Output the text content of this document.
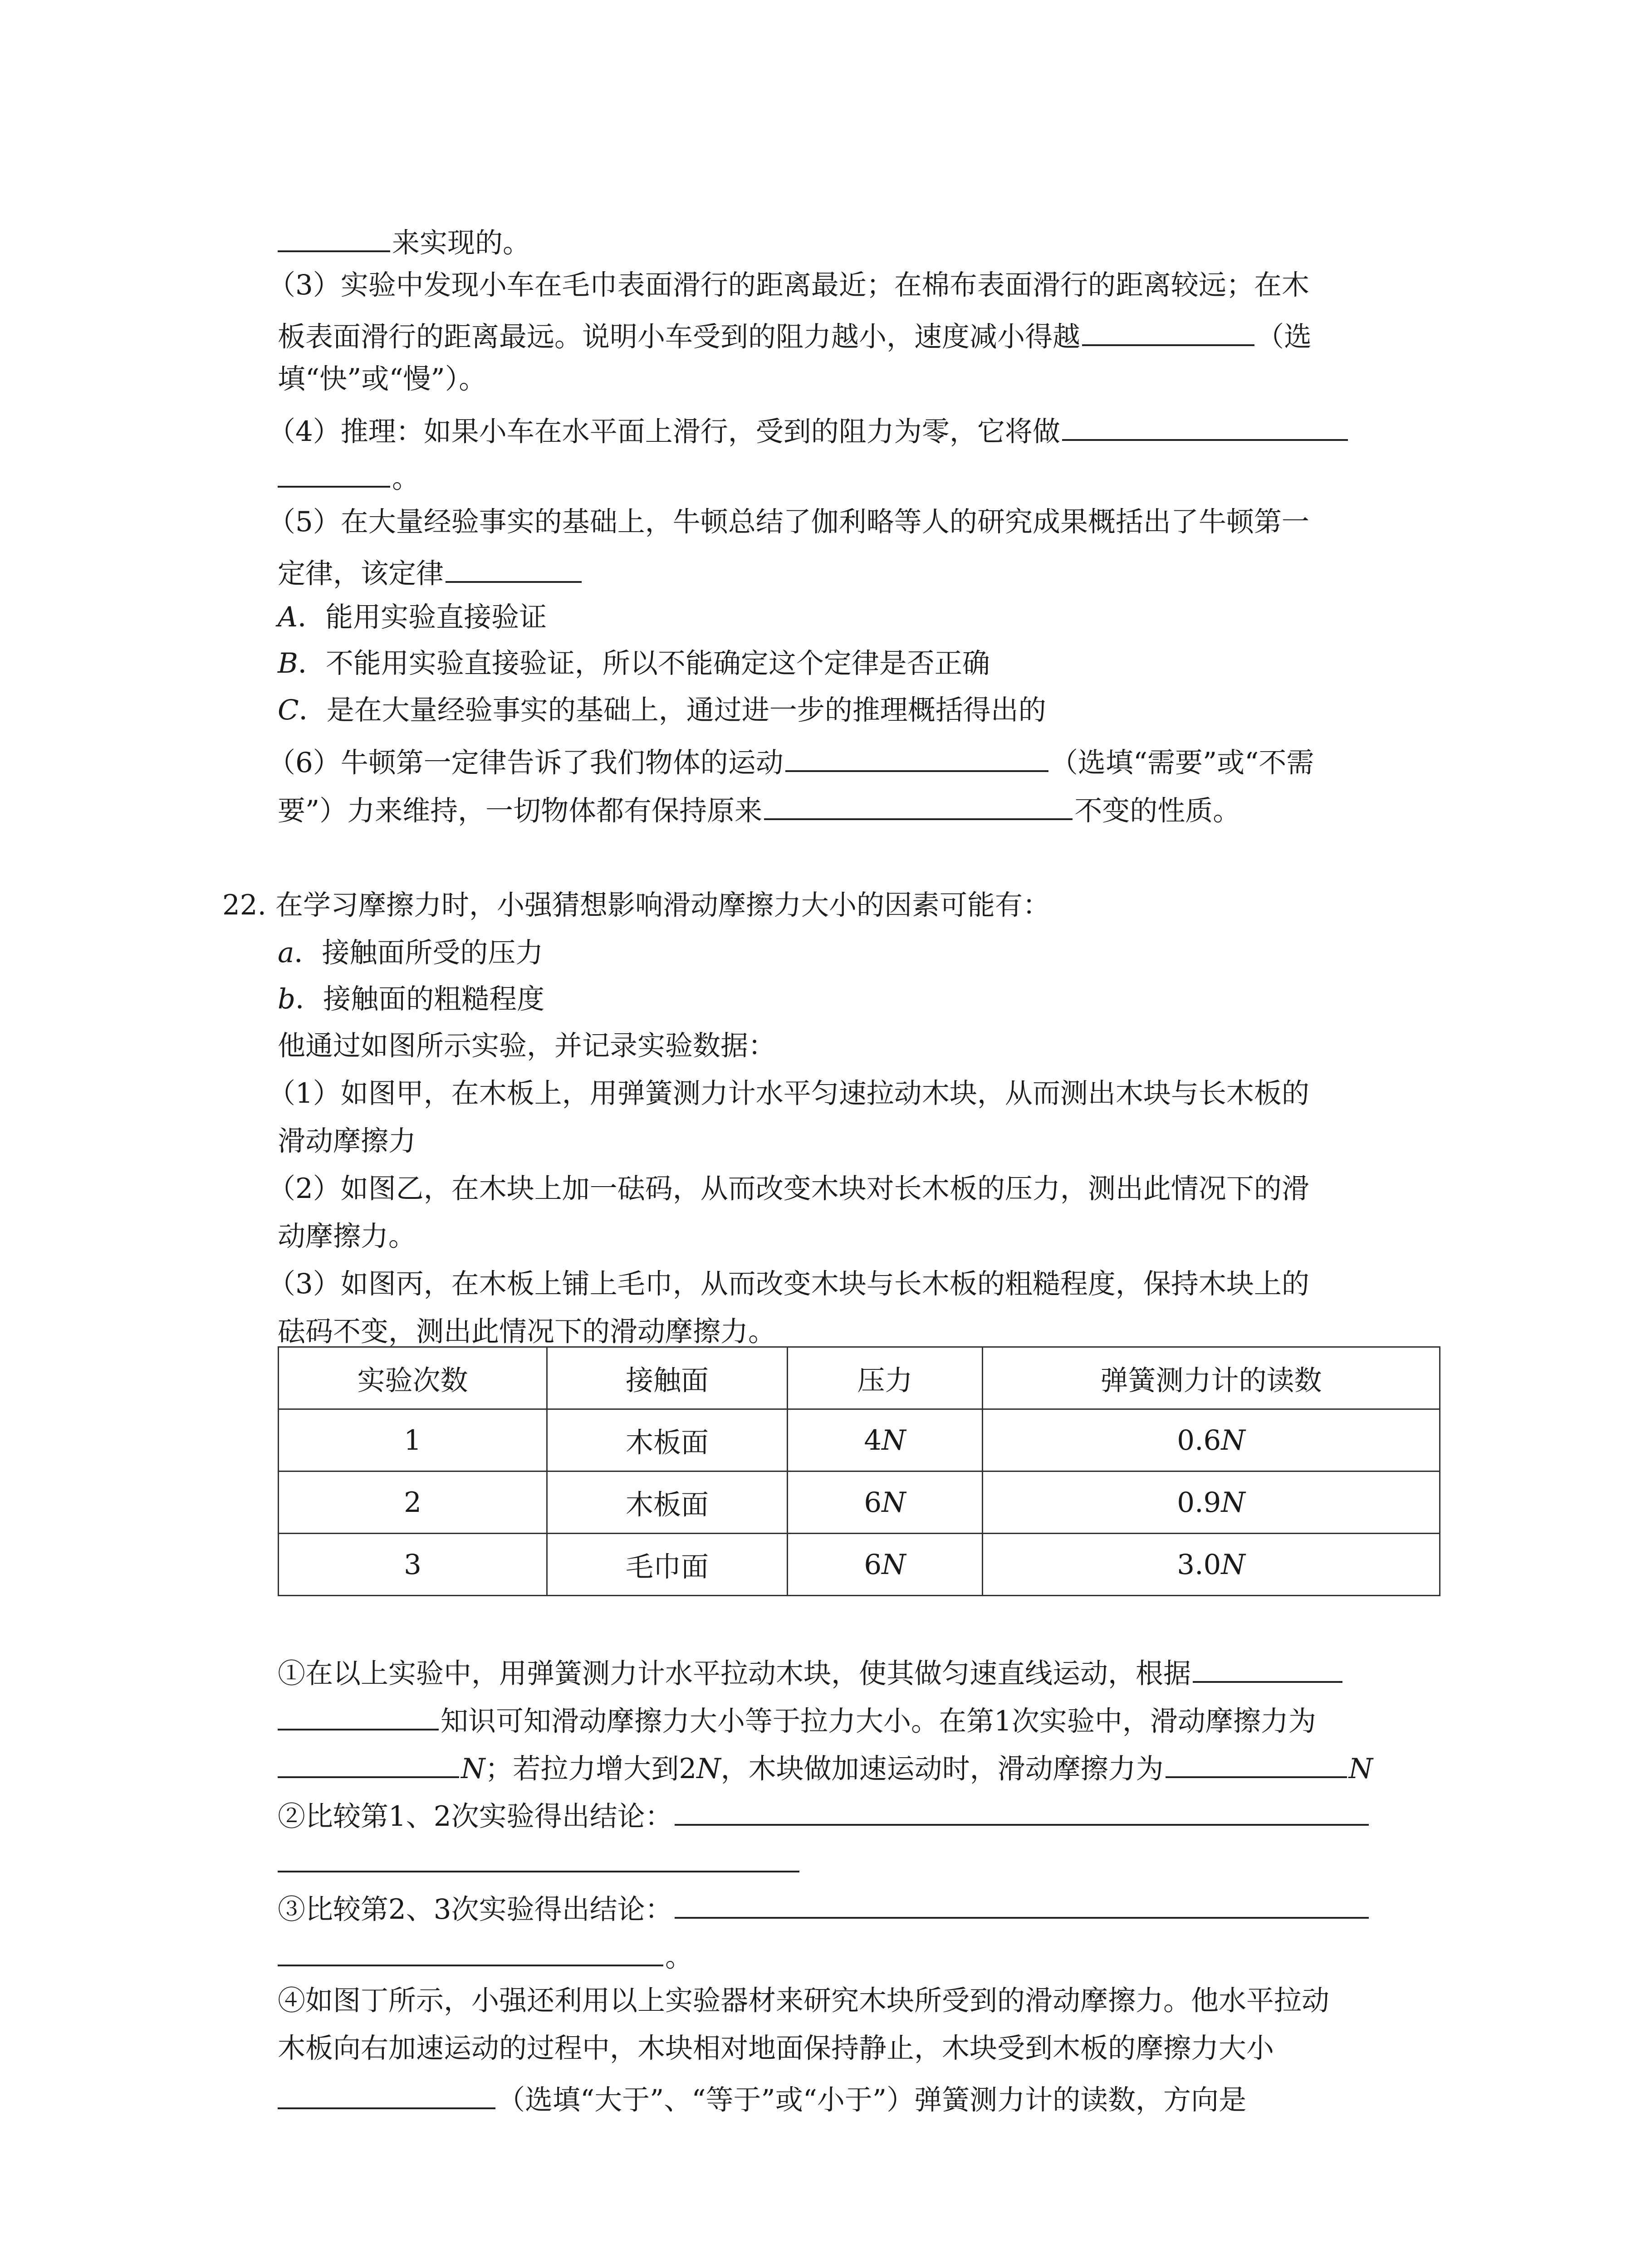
来实现的。
（3）实验中发现小车在毛巾表面滑行的距离最近；在棉布表面滑行的距离较远；在木
板表面滑行的距离最远。说明小车受到的阻力越小，速度减小得越	（选
填“快”或“慢”）。
（4）推理：如果小车在水平面上滑行，受到的阻力为零，它将做
。
（5）在大量经验事实的基础上，牛顿总结了伽利略等人的研究成果概括出了牛顿第一
定律，该定律
A．能用实验直接验证
B．不能用实验直接验证，所以不能确定这个定律是否正确
C．是在大量经验事实的基础上，通过进一步的推理概括得出的
（6）牛顿第一定律告诉了我们物体的运动	（选填“需要”或“不需
要”）力来维持，一切物体都有保持原来	不变的性质。
22. 在学习摩擦力时，小强猜想影响滑动摩擦力大小的因素可能有：
a．接触面所受的压力
b．接触面的粗糙程度
他通过如图所示实验，并记录实验数据：
（1）如图甲，在木板上，用弹簧测力计水平匀速拉动木块，从而测出木块与长木板的
滑动摩擦力
（2）如图乙，在木块上加一砝码，从而改变木块对长木板的压力，测出此情况下的滑
动摩擦力。
（3）如图丙，在木板上铺上毛巾，从而改变木块与长木板的粗糙程度，保持木块上的
砝码不变，测出此情况下的滑动摩擦力。
实验次数	接触面	压力	弹簧测力计的读数
1	木板面	4N	0.6N
2	木板面	6N	0.9N
3	毛巾面	6N	3.0N
①在以上实验中，用弹簧测力计水平拉动木块，使其做匀速直线运动，根据
知识可知滑动摩擦力大小等于拉力大小。在第1次实验中，滑动摩擦力为
N；若拉力增大到2N，木块做加速运动时，滑动摩擦力为	N
②比较第1、2次实验得出结论：
③比较第2、3次实验得出结论：
。
④如图丁所示，小强还利用以上实验器材来研究木块所受到的滑动摩擦力。他水平拉动
木板向右加速运动的过程中，木块相对地面保持静止，木块受到木板的摩擦力大小
（选填“大于”、“等于”或“小于”）弹簧测力计的读数，方向是
